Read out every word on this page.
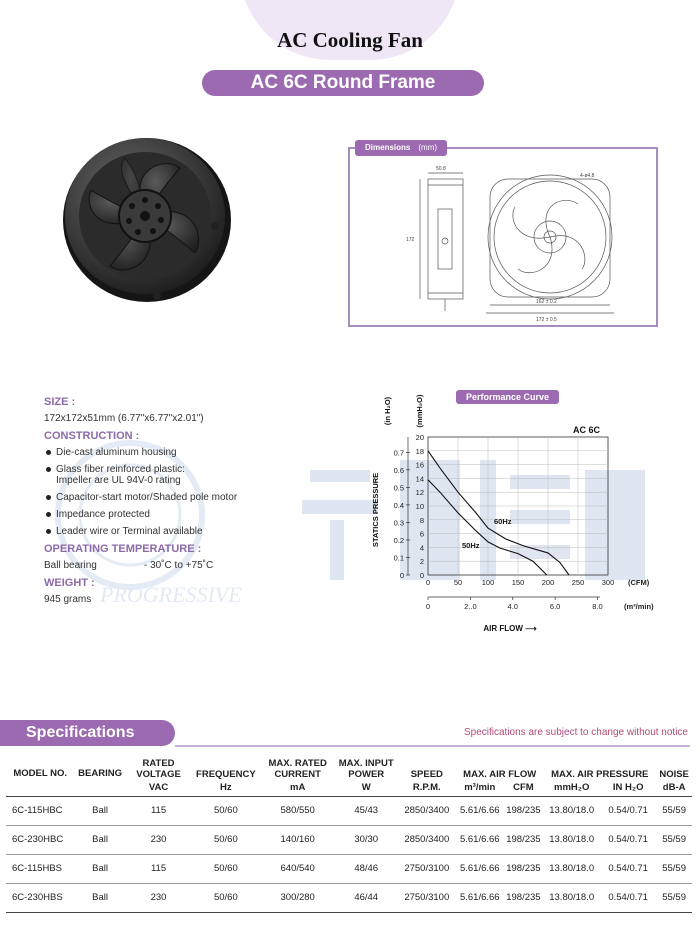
AC Cooling Fan
AC 6C Round Frame
50.8
172
4-ø4.8
162 ± 0.2
172 ± 0.5
Dimensions (mm)
PROGRESSIVE
SIZE :
172x172x51mm (6.77"x6.77"x2.01")
CONSTRUCTION :
Die-cast aluminum housing
Glass fiber reinforced plastic:
Impeller are UL 94V-0 rating
Capacitor-start motor/Shaded pole motor
Impedance protected
Leader wire or Terminal available
OPERATING TEMPERATURE :
Ball bearing	- 30˚C to +75˚C
WEIGHT :
945 grams
0
2
4
6
8
10
12
14
16
18
20
0
0.1
0.2
0.3
0.4
0.5
0.6
0.7
0	50	100 150 200 250 300 (CFM)
0	2..0	4.0	6.0	8.0	(m³/min)
AIR FLOW ⟶
STATICS PRESSURE
(in H₂O)	(mmH₂O)
AC 6C
50Hz
60Hz
Performance Curve
Specifications	Specifications are subject to change without notice
MODEL NO.	BEARING	RATED VOLTAGE	FREQUENCY	MAX. RATED CURRENT	MAX. INPUT POWER	SPEED	MAX. AIR FLOW		MAX. AIR PRESSURE		NOISE
		VAC	Hz	mA	W	R.P.M.	m³/min	CFM	mmH₂O	IN H₂O	dB-A
6C-115HBC	Ball	115	50/60	580/550	45/43	2850/3400	5.61/6.66	198/235	13.80/18.0	0.54/0.71	55/59
6C-230HBC	Ball	230	50/60	140/160	30/30	2850/3400	5.61/6.66	198/235	13.80/18.0	0.54/0.71	55/59
6C-115HBS	Ball	115	50/60	640/540	48/46	2750/3100	5.61/6.66	198/235	13.80/18.0	0.54/0.71	55/59
6C-230HBS	Ball	230	50/60	300/280	46/44	2750/3100	5.61/6.66	198/235	13.80/18.0	0.54/0.71	55/59
